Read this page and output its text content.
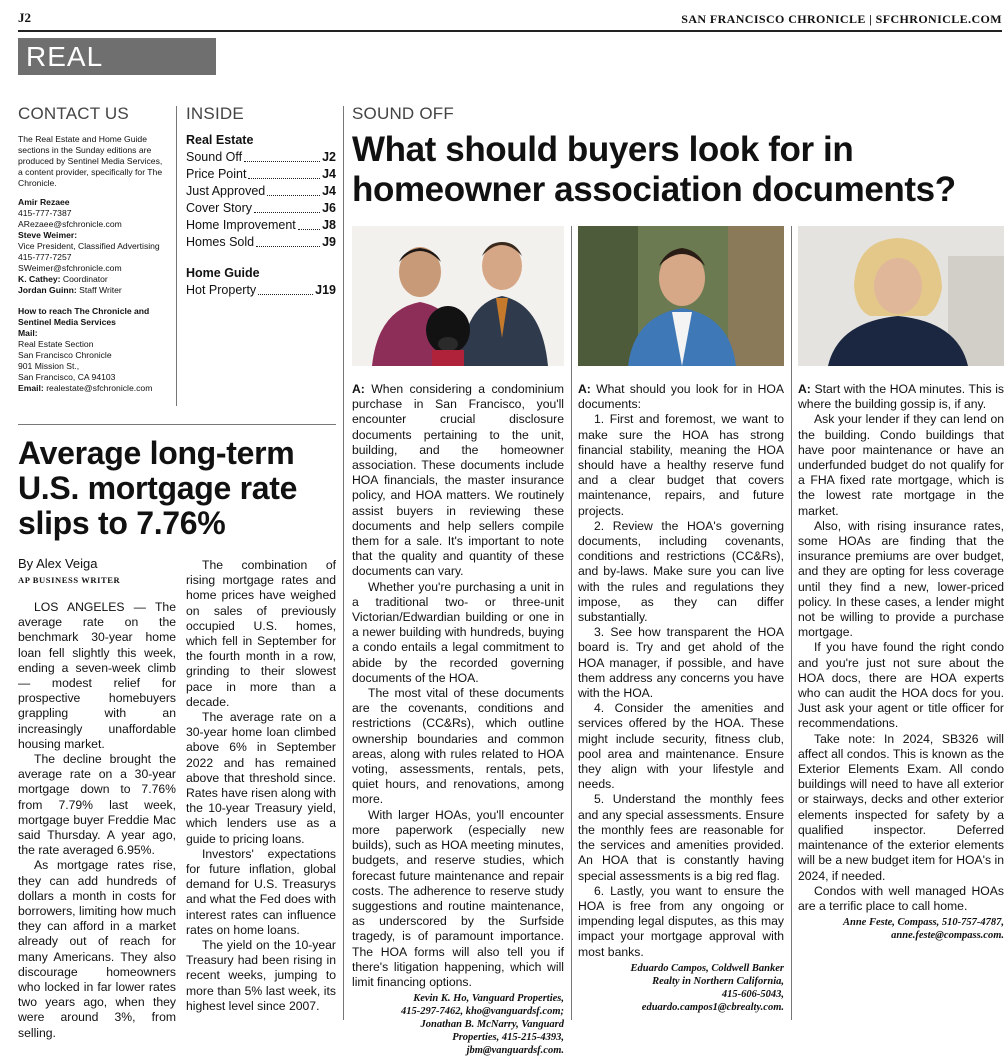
J2	SAN FRANCISCO CHRONICLE | SFCHRONICLE.COM
REAL ESTATE
CONTACT US

The Real Estate and Home Guide sections in the Sunday editions are produced by Sentinel Media Services, a content provider, specifically for The Chronicle.

Amir Rezaee

415-777-7387

ARezaee@sfchronicle.com

Steve Weimer:

Vice President, Classified Advertising

415-777-7257

SWeimer@sfchronicle.com

K. Cathey: Coordinator

Jordan Guinn: Staff Writer

How to reach The Chronicle and Sentinel Media Services

Mail:

Real Estate Section

San Francisco Chronicle

901 Mission St.,

San Francisco, CA 94103

Email: realestate@sfchronicle.com

INSIDE
Real Estate
Sound Off	J2
Price Point	J4
Just Approved	J4
Cover Story	J6
Home Improvement J8
Homes Sold	J9
Home Guide
Hot Property	J19
Average long-term U.S. mortgage rate slips to 7.76%
By Alex Veiga
AP BUSINESS WRITER

LOS ANGELES — The average rate on the benchmark 30-year home loan fell slightly this week, ending a seven-week climb — modest relief for prospective homebuyers grappling with an increasingly unaffordable housing market.

The decline brought the average rate on a 30-year mortgage down to 7.76% from 7.79% last week, mortgage buyer Freddie Mac said Thursday. A year ago, the rate averaged 6.95%.

As mortgage rates rise, they can add hundreds of dollars a month in costs for borrowers, limiting how much they can afford in a market already out of reach for many Americans. They also discourage homeowners who locked in far lower rates two years ago, when they were around 3%, from selling.

The combination of rising mortgage rates and home prices have weighed on sales of previously occupied U.S. homes, which fell in September for the fourth month in a row, grinding to their slowest pace in more than a decade.

The average rate on a 30-year home loan climbed above 6% in September 2022 and has remained above that threshold since. Rates have risen along with the 10-year Treasury yield, which lenders use as a guide to pricing loans.

Investors' expectations for future inflation, global demand for U.S. Treasurys and what the Fed does with interest rates can influence rates on home loans.

The yield on the 10-year Treasury had been rising in recent weeks, jumping to more than 5% last week, its highest level since 2007.

SOUND OFF
What should buyers look for in homeowner association documents?

A: When considering a condominium purchase in San Francisco, you'll encounter crucial disclosure documents pertaining to the unit, building, and the homeowner association. These documents include HOA financials, the master insurance policy, and HOA matters. We routinely assist buyers in reviewing these documents and help sellers compile them for a sale. It's important to note that the quality and quantity of these documents can vary.

Whether you're purchasing a unit in a traditional two- or three-unit Victorian/Edwardian building or one in a newer building with hundreds, buying a condo entails a legal commitment to abide by the recorded governing documents of the HOA.

The most vital of these documents are the covenants, conditions and restrictions (CC&Rs), which outline ownership boundaries and common areas, along with rules related to HOA voting, assessments, rentals, pets, quiet hours, and renovations, among more.

With larger HOAs, you'll encounter more paperwork (especially new builds), such as HOA meeting minutes, budgets, and reserve studies, which forecast future maintenance and repair costs. The adherence to reserve study suggestions and routine maintenance, as underscored by the Surfside tragedy, is of paramount importance. The HOA forms will also tell you if there's litigation happening, which will limit financing options.

Kevin K. Ho, Vanguard Properties,
415-297-7462, kho@vanguardsf.com;
Jonathan B. McNarry, Vanguard
Properties, 415-215-4393,
jbm@vanguardsf.com.

A: What should you look for in HOA documents:

1. First and foremost, we want to make sure the HOA has strong financial stability, meaning the HOA should have a healthy reserve fund and a clear budget that covers maintenance, repairs, and future projects.

2. Review the HOA's governing documents, including covenants, conditions and restrictions (CC&Rs), and by-laws. Make sure you can live with the rules and regulations they impose, as they can differ substantially.

3. See how transparent the HOA board is. Try and get ahold of the HOA manager, if possible, and have them address any concerns you have with the HOA.

4. Consider the amenities and services offered by the HOA. These might include security, fitness club, pool area and maintenance. Ensure they align with your lifestyle and needs.

5. Understand the monthly fees and any special assessments. Ensure the monthly fees are reasonable for the services and amenities provided. An HOA that is constantly having special assessments is a big red flag.

6. Lastly, you want to ensure the HOA is free from any ongoing or impending legal disputes, as this may impact your mortgage approval with most banks.

Eduardo Campos, Coldwell Banker
Realty in Northern California,
415-606-5043,
eduardo.campos1@cbrealty.com.

A: Start with the HOA minutes. This is where the building gossip is, if any.

Ask your lender if they can lend on the building. Condo buildings that have poor maintenance or have an underfunded budget do not qualify for a FHA fixed rate mortgage, which is the lowest rate mortgage in the market.

Also, with rising insurance rates, some HOAs are finding that the insurance premiums are over budget, and they are opting for less coverage until they find a new, lower-priced policy. In these cases, a lender might not be willing to provide a purchase mortgage.

If you have found the right condo and you're just not sure about the HOA docs, there are HOA experts who can audit the HOA docs for you. Just ask your agent or title officer for recommendations.

Take note: In 2024, SB326 will affect all condos. This is known as the Exterior Elements Exam. All condo buildings will need to have all exterior or stairways, decks and other exterior elements inspected for safety by a qualified inspector. Deferred maintenance of the exterior elements will be a new budget item for HOA's in 2024, if needed.

Condos with well managed HOAs are a terrific place to call home.

Anne Feste, Compass, 510-757-4787,
anne.feste@compass.com.
